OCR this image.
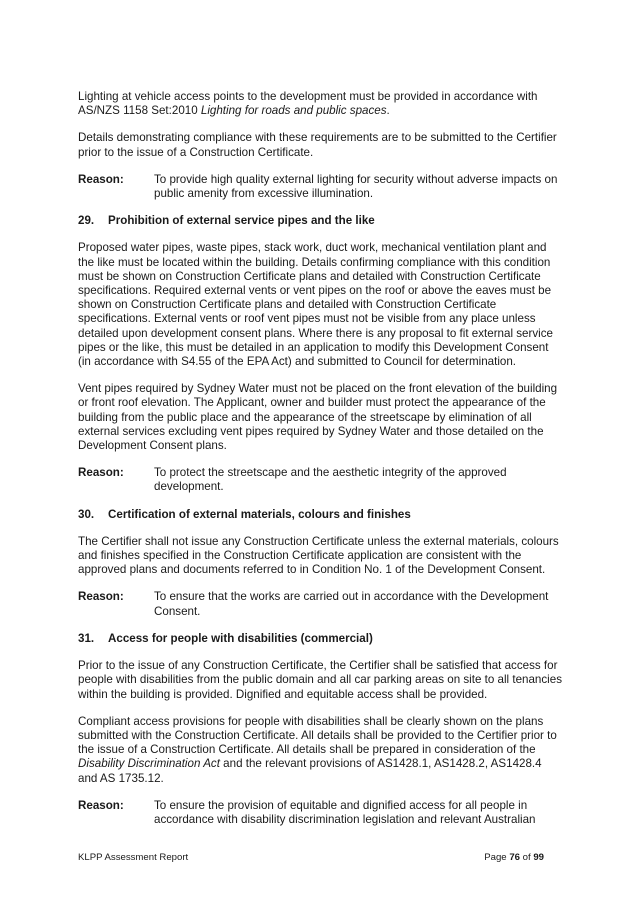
Lighting at vehicle access points to the development must be provided in accordance with AS/NZS 1158 Set:2010 Lighting for roads and public spaces.

Details demonstrating compliance with these requirements are to be submitted to the Certifier prior to the issue of a Construction Certificate.

Reason:	To provide high quality external lighting for security without adverse impacts on public amenity from excessive illumination.
29.	Prohibition of external service pipes and the like

Proposed water pipes, waste pipes, stack work, duct work, mechanical ventilation plant and the like must be located within the building. Details confirming compliance with this condition must be shown on Construction Certificate plans and detailed with Construction Certificate specifications. Required external vents or vent pipes on the roof or above the eaves must be shown on Construction Certificate plans and detailed with Construction Certificate specifications. External vents or roof vent pipes must not be visible from any place unless detailed upon development consent plans. Where there is any proposal to fit external service pipes or the like, this must be detailed in an application to modify this Development Consent (in accordance with S4.55 of the EPA Act) and submitted to Council for determination.

Vent pipes required by Sydney Water must not be placed on the front elevation of the building or front roof elevation. The Applicant, owner and builder must protect the appearance of the building from the public place and the appearance of the streetscape by elimination of all external services excluding vent pipes required by Sydney Water and those detailed on the Development Consent plans.

Reason:	To protect the streetscape and the aesthetic integrity of the approved development.
30.	Certification of external materials, colours and finishes

The Certifier shall not issue any Construction Certificate unless the external materials, colours and finishes specified in the Construction Certificate application are consistent with the approved plans and documents referred to in Condition No. 1 of the Development Consent.

Reason:	To ensure that the works are carried out in accordance with the Development Consent.
31.	Access for people with disabilities (commercial)

Prior to the issue of any Construction Certificate, the Certifier shall be satisfied that access for people with disabilities from the public domain and all car parking areas on site to all tenancies within the building is provided. Dignified and equitable access shall be provided.

Compliant access provisions for people with disabilities shall be clearly shown on the plans submitted with the Construction Certificate. All details shall be provided to the Certifier prior to the issue of a Construction Certificate. All details shall be prepared in consideration of the Disability Discrimination Act and the relevant provisions of AS1428.1, AS1428.2, AS1428.4 and AS 1735.12.

Reason:	To ensure the provision of equitable and dignified access for all people in accordance with disability discrimination legislation and relevant Australian
KLPP Assessment Report	Page 76 of 99
